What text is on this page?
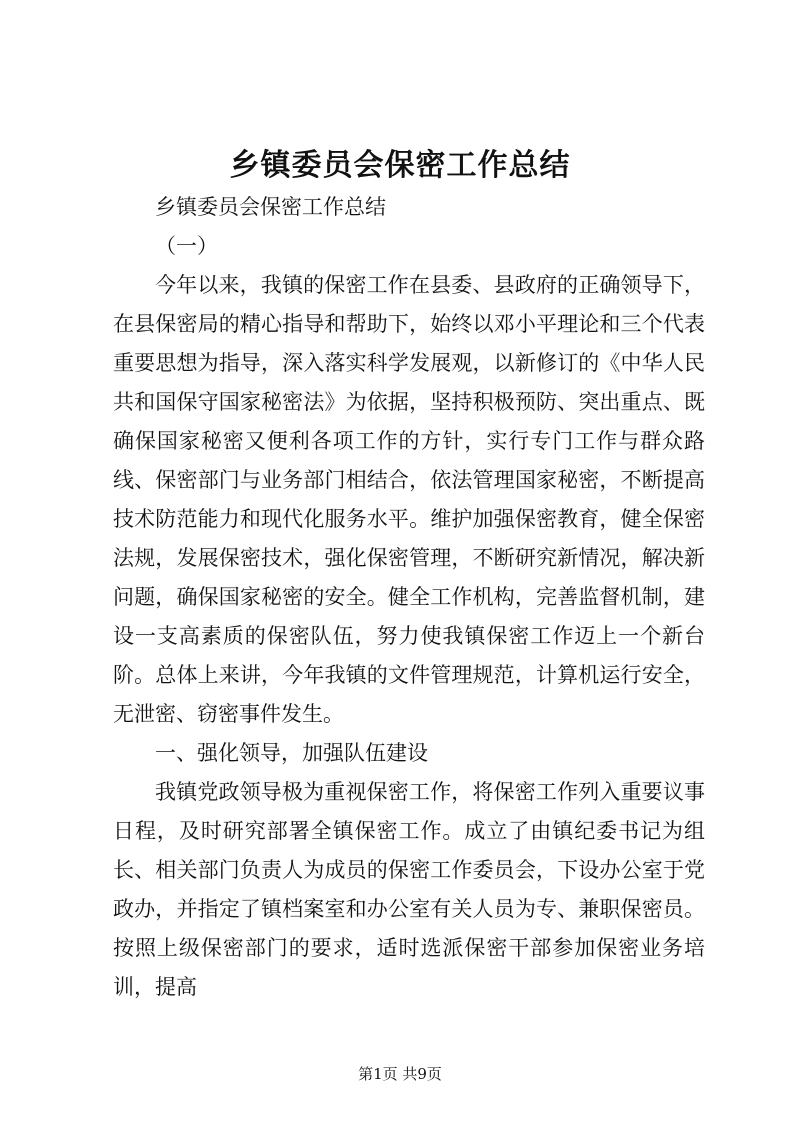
乡镇委员会保密工作总结

乡镇委员会保密工作总结

（一）

今年以来，我镇的保密工作在县委、县政府的正确领导下，在县保密局的精心指导和帮助下，始终以邓小平理论和三个代表重要思想为指导，深入落实科学发展观，以新修订的《中华人民共和国保守国家秘密法》为依据，坚持积极预防、突出重点、既确保国家秘密又便利各项工作的方针，实行专门工作与群众路线、保密部门与业务部门相结合，依法管理国家秘密，不断提高技术防范能力和现代化服务水平。维护加强保密教育，健全保密法规，发展保密技术，强化保密管理，不断研究新情况，解决新问题，确保国家秘密的安全。健全工作机构，完善监督机制，建设一支高素质的保密队伍，努力使我镇保密工作迈上一个新台阶。总体上来讲，今年我镇的文件管理规范，计算机运行安全，无泄密、窃密事件发生。

一、强化领导，加强队伍建设

我镇党政领导极为重视保密工作，将保密工作列入重要议事日程，及时研究部署全镇保密工作。成立了由镇纪委书记为组长、相关部门负责人为成员的保密工作委员会，下设办公室于党政办，并指定了镇档案室和办公室有关人员为专、兼职保密员。按照上级保密部门的要求，适时选派保密干部参加保密业务培训，提高

第1页 共9页
